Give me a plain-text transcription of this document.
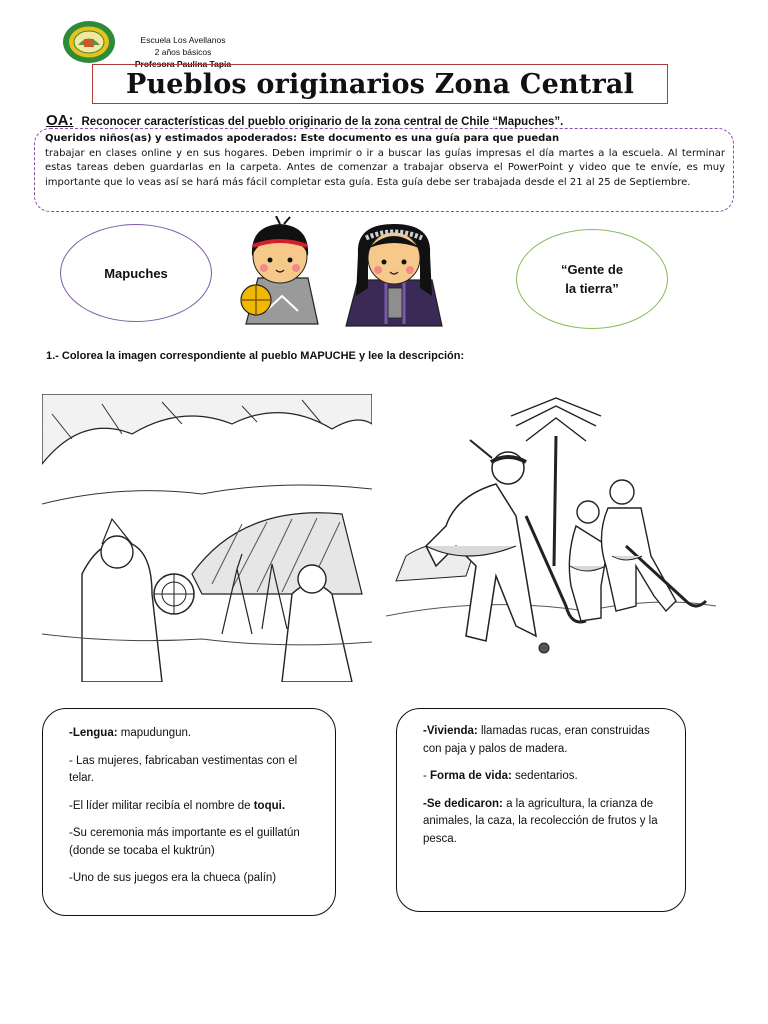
Escuela Los Avellanos
2 años básicos
Profesora Paulina Tapia
Pueblos originarios Zona Central
OA: Reconocer características del pueblo originario de la zona central de Chile “Mapuches”.
Queridos niños(as) y estimados apoderados: Este documento es una guía para que puedan
trabajar en clases online y en sus hogares. Deben imprimir o ir a buscar las guías impresas el día martes a la escuela. Al terminar estas tareas deben guardarlas en la carpeta. Antes de comenzar a trabajar observa el PowerPoint y video que te envíe, es muy importante que lo veas así se hará más fácil completar esta guía. Esta guía debe ser trabajada desde el 21 al 25 de Septiembre.
Mapuches	“Gente de
la tierra”
1.- Colorea la imagen correspondiente al pueblo MAPUCHE y lee la descripción:

-Lengua: mapudungun.

- Las mujeres, fabricaban vestimentas con el telar.

-El líder militar recibía el nombre de toqui.

-Su ceremonia más importante es el guillatún (donde se tocaba el kuktrún)

-Uno de sus juegos era la chueca (palín)

-Vivienda: llamadas rucas, eran construidas con paja y palos de madera.

- Forma de vida: sedentarios.

-Se dedicaron: a la agricultura, la crianza de animales, la caza, la recolección de frutos y la pesca.
